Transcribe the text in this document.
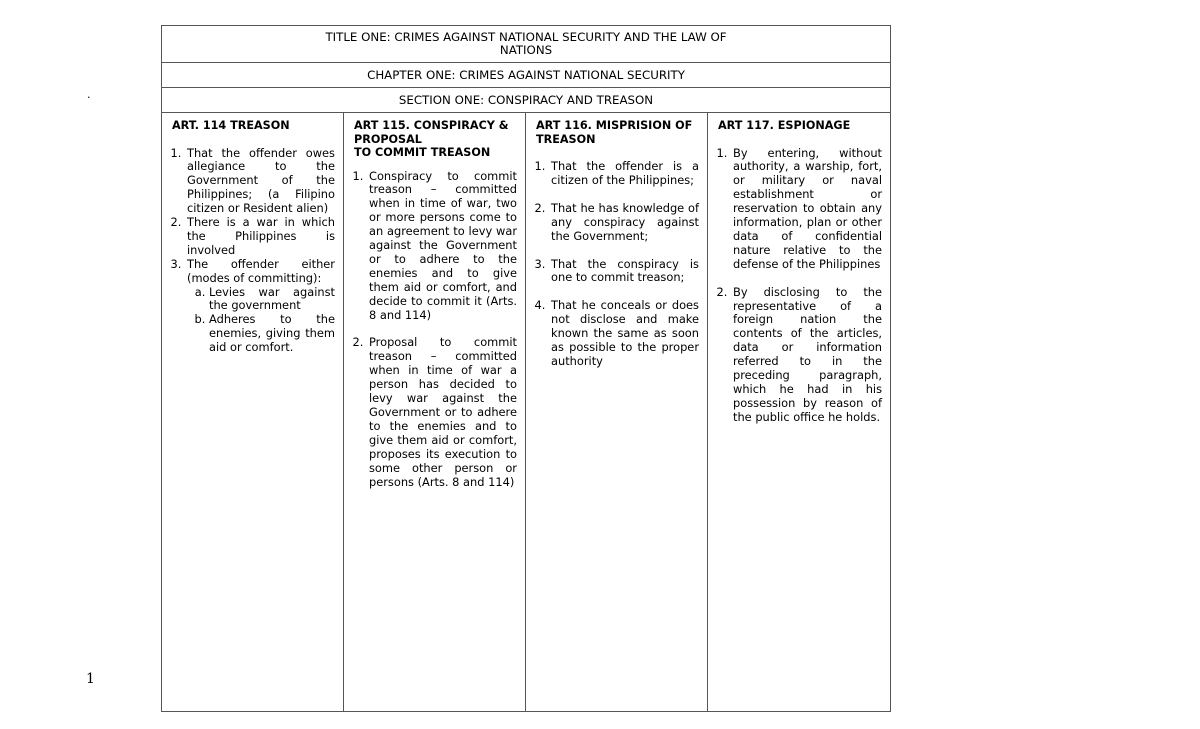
.
1
TITLE ONE: CRIMES AGAINST NATIONAL SECURITY AND THE LAW OF
NATIONS

CHAPTER ONE: CRIMES AGAINST NATIONAL SECURITY
SECTION ONE: CONSPIRACY AND TREASON

ART. 114 TREASON
1. That the offender owes allegiance to the Government of the Philippines; (a Filipino citizen or Resident alien)
2. There is a war in which the Philippines is involved
3. The offender either (modes of committing):
a. Levies war against the government
b. Adheres to the enemies, giving them aid or comfort.

ART 115. CONSPIRACY &
PROPOSAL
TO COMMIT TREASON
1. Conspiracy to commit treason – committed when in time of war, two or more persons come to an agreement to levy war against the Government or to adhere to the enemies and to give them aid or comfort, and decide to commit it (Arts. 8 and 114)
2. Proposal to commit treason – committed when in time of war a person has decided to levy war against the Government or to adhere to the enemies and to give them aid or comfort, proposes its execution to some other person or persons (Arts. 8 and 114)

ART 116. MISPRISION OF
TREASON
1. That the offender is a citizen of the Philippines;
2. That he has knowledge of any conspiracy against the Government;
3. That the conspiracy is one to commit treason;
4. That he conceals or does not disclose and make known the same as soon as possible to the proper authority

ART 117. ESPIONAGE
1. By entering, without authority, a warship, fort, or military or naval establishment or reservation to obtain any information, plan or other data of confidential nature relative to the defense of the Philippines
2. By disclosing to the representative of a foreign nation the contents of the articles, data or information referred to in the preceding paragraph, which he had in his possession by reason of the public office he holds.
